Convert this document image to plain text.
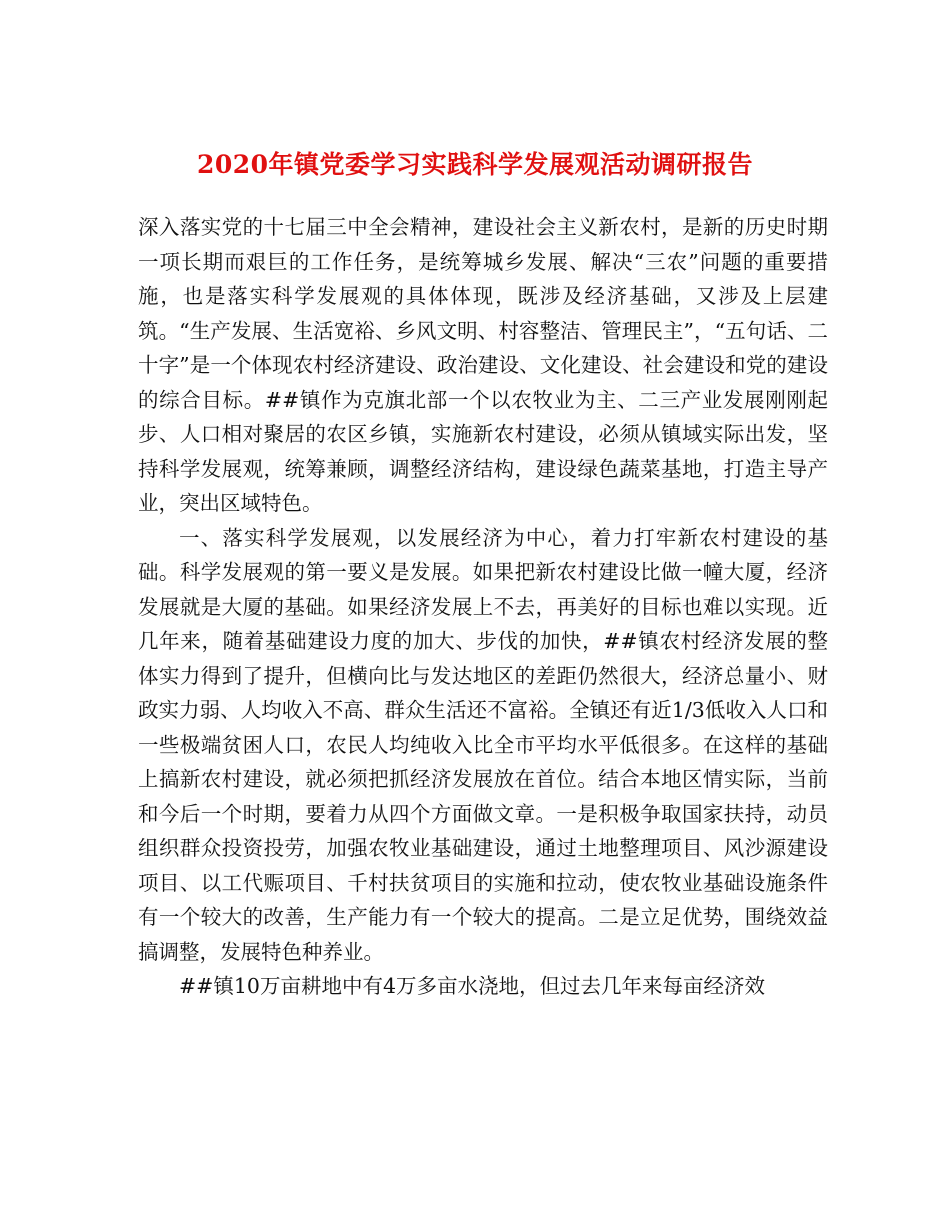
2020年镇党委学习实践科学发展观活动调研报告

深入落实党的十七届三中全会精神，建设社会主义新农村，是新的历史时期一项长期而艰巨的工作任务，是统筹城乡发展、解决“三农”问题的重要措施，也是落实科学发展观的具体体现，既涉及经济基础，又涉及上层建筑。“生产发展、生活宽裕、乡风文明、村容整洁、管理民主”，“五句话、二十字”是一个体现农村经济建设、政治建设、文化建设、社会建设和党的建设的综合目标。##镇作为克旗北部一个以农牧业为主、二三产业发展刚刚起步、人口相对聚居的农区乡镇，实施新农村建设，必须从镇域实际出发，坚持科学发展观，统筹兼顾，调整经济结构，建设绿色蔬菜基地，打造主导产业，突出区域特色。

一、落实科学发展观，以发展经济为中心，着力打牢新农村建设的基础。科学发展观的第一要义是发展。如果把新农村建设比做一幢大厦，经济发展就是大厦的基础。如果经济发展上不去，再美好的目标也难以实现。近几年来，随着基础建设力度的加大、步伐的加快，##镇农村经济发展的整体实力得到了提升，但横向比与发达地区的差距仍然很大，经济总量小、财政实力弱、人均收入不高、群众生活还不富裕。全镇还有近1/3低收入人口和一些极端贫困人口，农民人均纯收入比全市平均水平低很多。在这样的基础上搞新农村建设，就必须把抓经济发展放在首位。结合本地区情实际，当前和今后一个时期，要着力从四个方面做文章。一是积极争取国家扶持，动员组织群众投资投劳，加强农牧业基础建设，通过土地整理项目、风沙源建设项目、以工代赈项目、千村扶贫项目的实施和拉动，使农牧业基础设施条件有一个较大的改善，生产能力有一个较大的提高。二是立足优势，围绕效益搞调整，发展特色种养业。

##镇10万亩耕地中有4万多亩水浇地，但过去几年来每亩经济效
